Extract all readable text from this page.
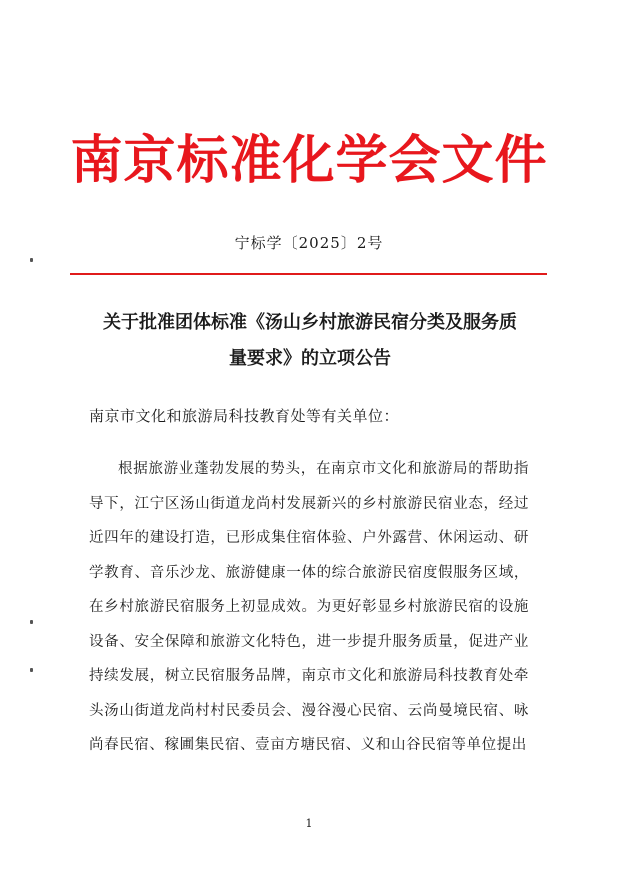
南京标准化学会文件
宁标学〔2025〕2号
关于批准团体标准《汤山乡村旅游民宿分类及服务质
量要求》的立项公告
南京市文化和旅游局科技教育处等有关单位：
根据旅游业蓬勃发展的势头，在南京市文化和旅游局的帮助指导下，江宁区汤山街道龙尚村发展新兴的乡村旅游民宿业态，经过近四年的建设打造，已形成集住宿体验、户外露营、休闲运动、研学教育、音乐沙龙、旅游健康一体的综合旅游民宿度假服务区域，在乡村旅游民宿服务上初显成效。为更好彰显乡村旅游民宿的设施设备、安全保障和旅游文化特色，进一步提升服务质量，促进产业持续发展，树立民宿服务品牌，南京市文化和旅游局科技教育处牵头汤山街道龙尚村村民委员会、漫谷漫心民宿、云尚曼境民宿、咏尚春民宿、稼圃集民宿、壹亩方塘民宿、义和山谷民宿等单位提出
1
